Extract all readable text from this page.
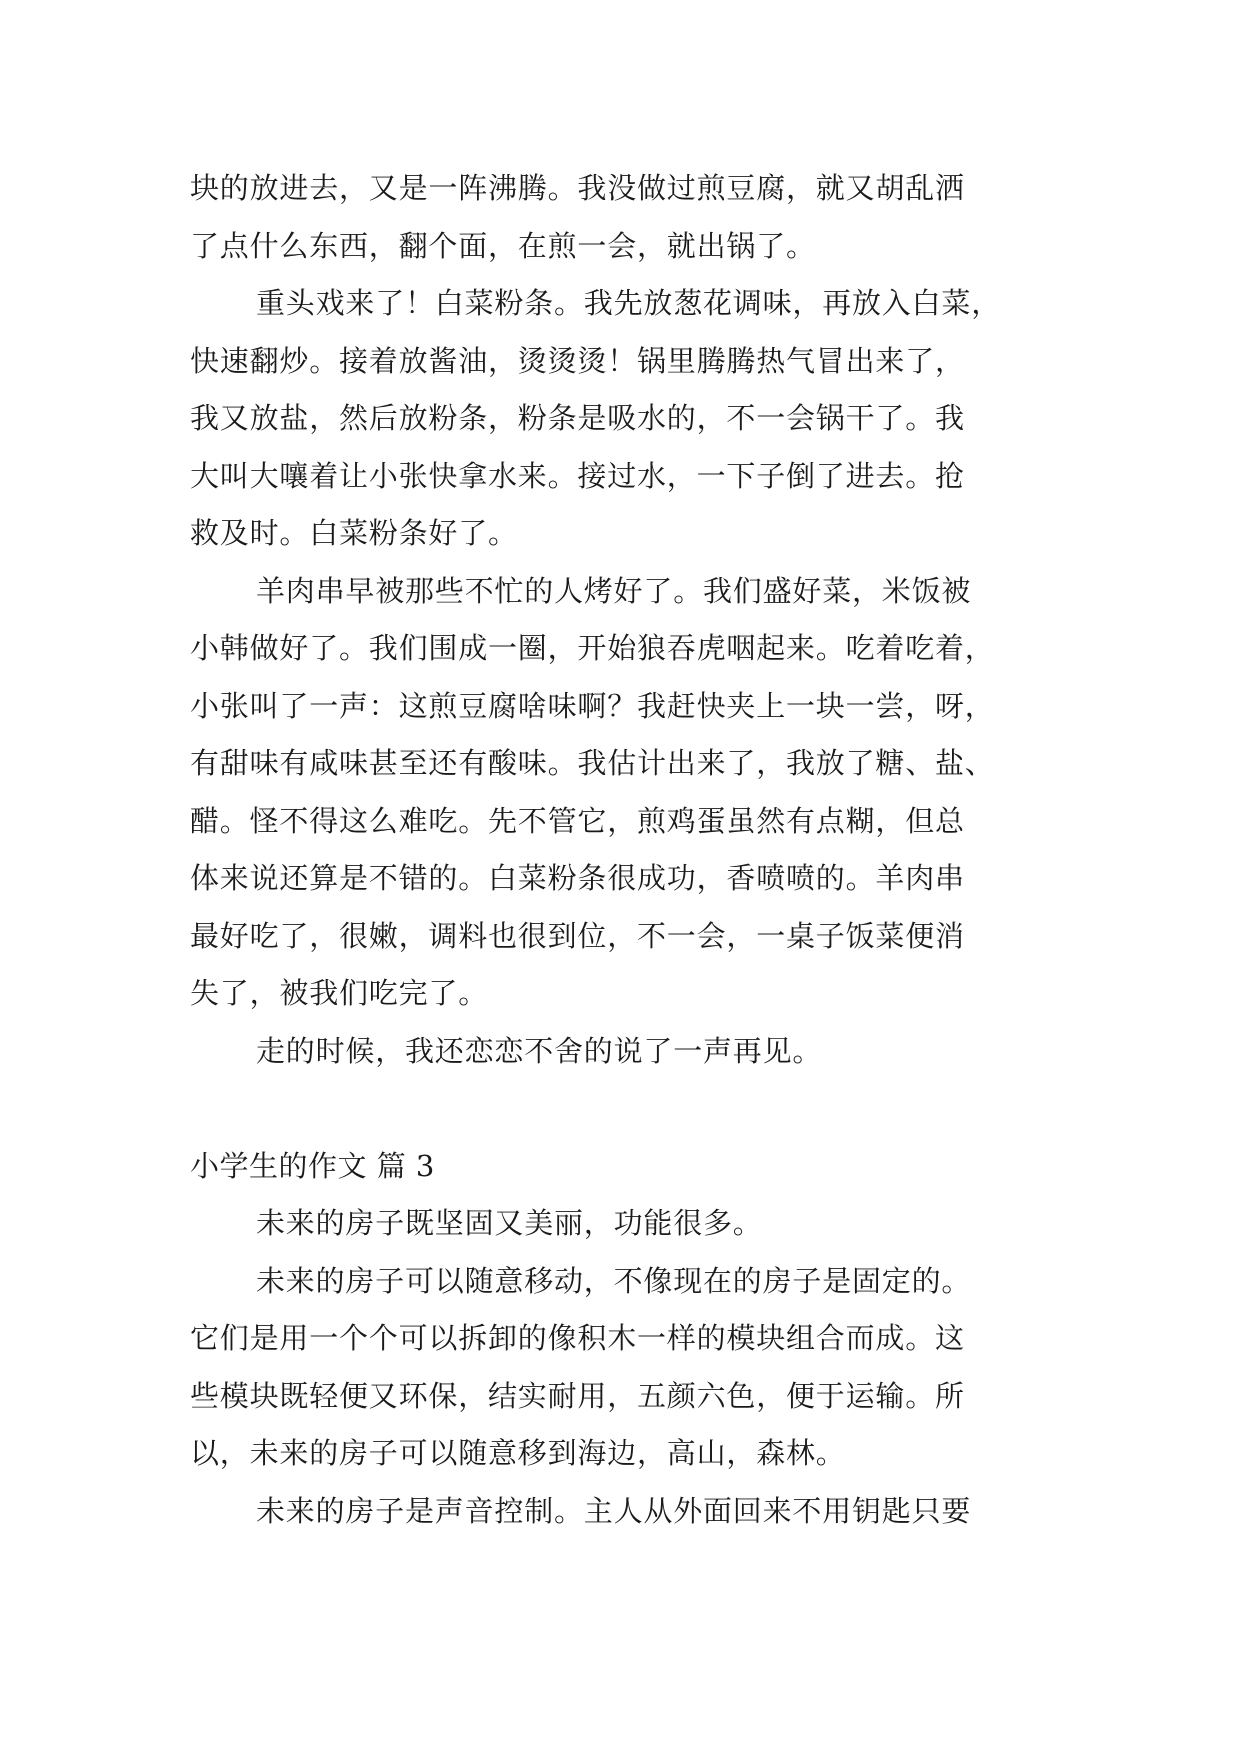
块的放进去，又是一阵沸腾。我没做过煎豆腐，就又胡乱洒
了点什么东西，翻个面，在煎一会，就出锅了。
重头戏来了！白菜粉条。我先放葱花调味，再放入白菜，
快速翻炒。接着放酱油，烫烫烫！锅里腾腾热气冒出来了，
我又放盐，然后放粉条，粉条是吸水的，不一会锅干了。我
大叫大嚷着让小张快拿水来。接过水，一下子倒了进去。抢
救及时。白菜粉条好了。
羊肉串早被那些不忙的人烤好了。我们盛好菜，米饭被
小韩做好了。我们围成一圈，开始狼吞虎咽起来。吃着吃着，
小张叫了一声：这煎豆腐啥味啊？我赶快夹上一块一尝，呀，
有甜味有咸味甚至还有酸味。我估计出来了，我放了糖、盐、
醋。怪不得这么难吃。先不管它，煎鸡蛋虽然有点糊，但总
体来说还算是不错的。白菜粉条很成功，香喷喷的。羊肉串
最好吃了，很嫩，调料也很到位，不一会，一桌子饭菜便消
失了，被我们吃完了。
走的时候，我还恋恋不舍的说了一声再见。
小学生的作文 篇 3
未来的房子既坚固又美丽，功能很多。
未来的房子可以随意移动，不像现在的房子是固定的。
它们是用一个个可以拆卸的像积木一样的模块组合而成。这
些模块既轻便又环保，结实耐用，五颜六色，便于运输。所
以，未来的房子可以随意移到海边，高山，森林。
未来的房子是声音控制。主人从外面回来不用钥匙只要
